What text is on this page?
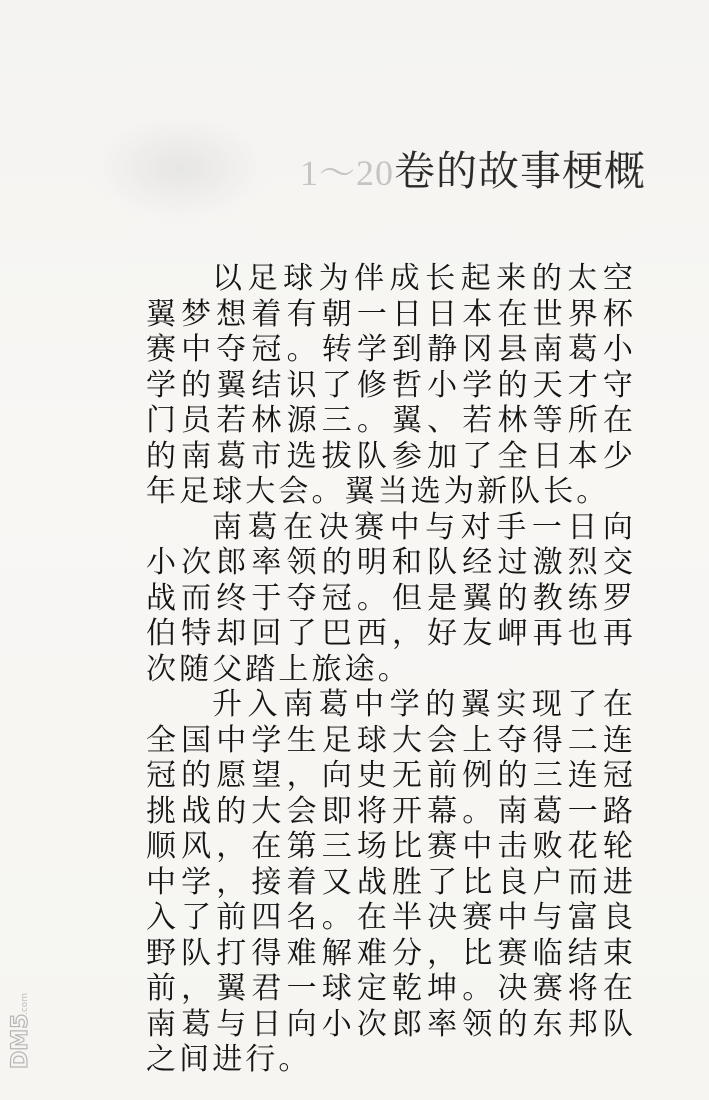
1～20卷的故事梗概

以足球为伴成长起来的太空翼梦想着有朝一日日本在世界杯赛中夺冠。转学到静冈县南葛小学的翼结识了修哲小学的天才守门员若林源三。翼、若林等所在的南葛市选拔队参加了全日本少年足球大会。翼当选为新队长。

南葛在决赛中与对手一日向小次郎率领的明和队经过激烈交战而终于夺冠。但是翼的教练罗伯特却回了巴西，好友岬再也再次随父踏上旅途。

升入南葛中学的翼实现了在全国中学生足球大会上夺得二连冠的愿望，向史无前例的三连冠挑战的大会即将开幕。南葛一路顺风，在第三场比赛中击败花轮中学，接着又战胜了比良户而进入了前四名。在半决赛中与富良野队打得难解难分，比赛临结束前，翼君一球定乾坤。决赛将在南葛与日向小次郎率领的东邦队之间进行。

DM5
.com
